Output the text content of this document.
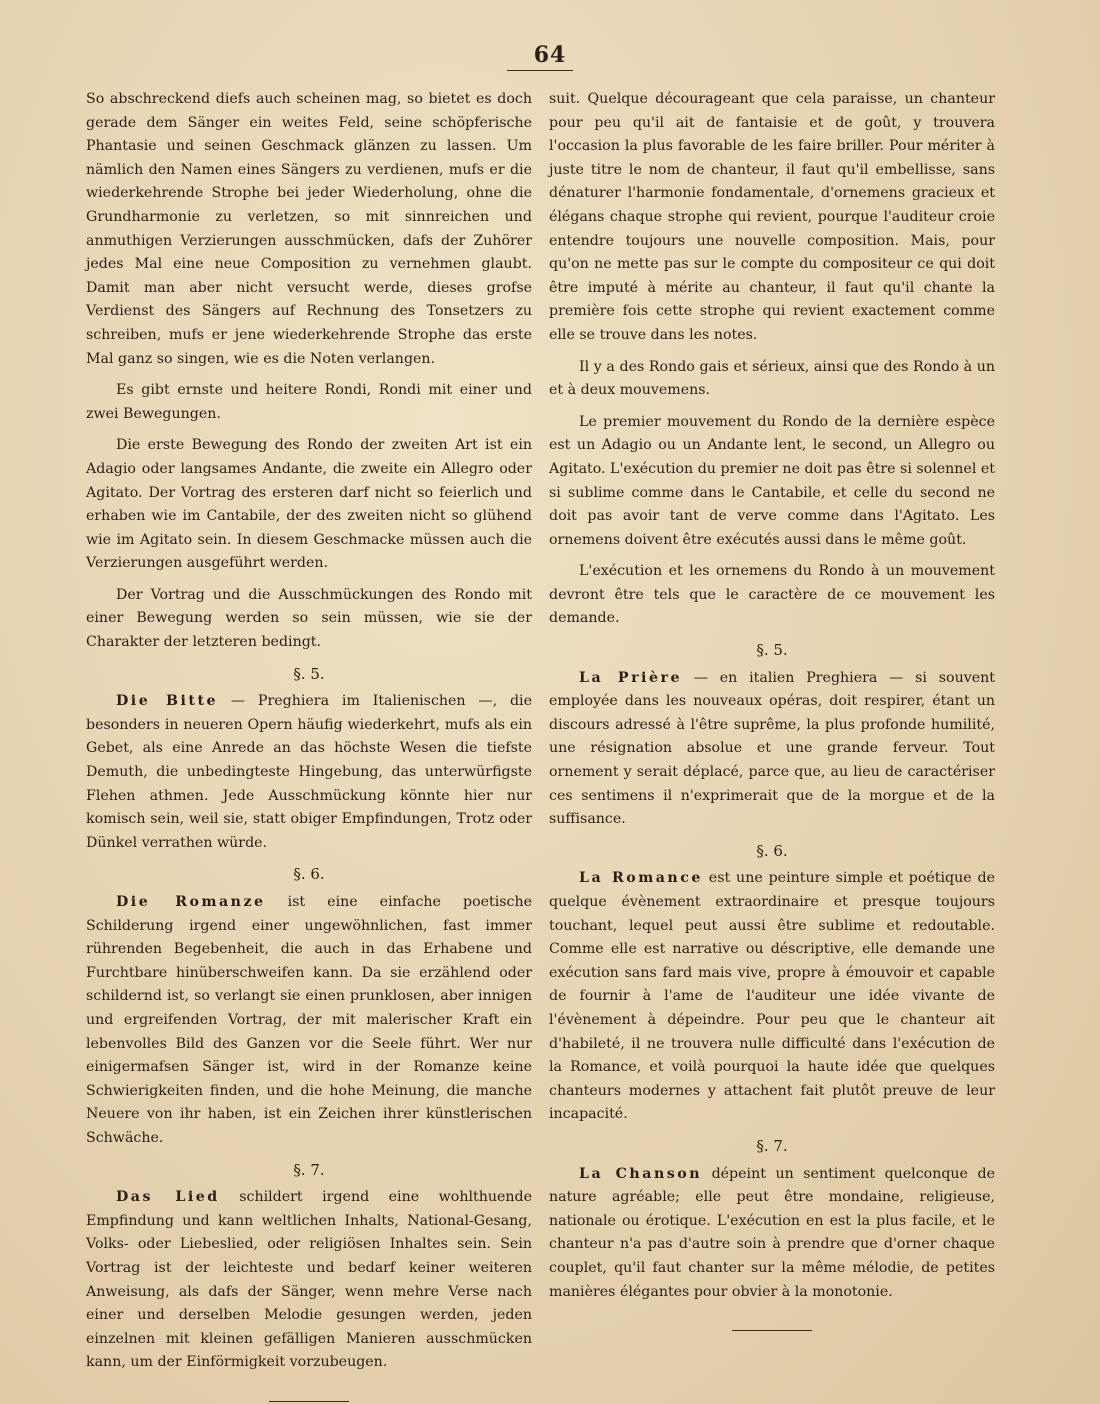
64

So abschreckend diefs auch scheinen mag, so bietet es doch gerade dem Sänger ein weites Feld, seine schöpferische Phantasie und seinen Geschmack glänzen zu lassen. Um nämlich den Namen eines Sängers zu verdienen, mufs er die wiederkehrende Strophe bei jeder Wiederholung, ohne die Grundharmonie zu verletzen, so mit sinnreichen und anmuthigen Verzierungen ausschmücken, dafs der Zuhörer jedes Mal eine neue Composition zu vernehmen glaubt. Damit man aber nicht versucht werde, dieses grofse Verdienst des Sängers auf Rechnung des Tonsetzers zu schreiben, mufs er jene wiederkehrende Strophe das erste Mal ganz so singen, wie es die Noten verlangen.

Es gibt ernste und heitere Rondi, Rondi mit einer und zwei Bewegungen.

Die erste Bewegung des Rondo der zweiten Art ist ein Adagio oder langsames Andante, die zweite ein Allegro oder Agitato. Der Vortrag des ersteren darf nicht so feierlich und erhaben wie im Cantabile, der des zweiten nicht so glühend wie im Agitato sein. In diesem Geschmacke müssen auch die Verzierungen ausgeführt werden.

Der Vortrag und die Ausschmückungen des Rondo mit einer Bewegung werden so sein müssen, wie sie der Charakter der letzteren bedingt.

§. 5.

Die Bitte — Preghiera im Italienischen —, die besonders in neueren Opern häufig wiederkehrt, mufs als ein Gebet, als eine Anrede an das höchste Wesen die tiefste Demuth, die unbedingteste Hingebung, das unterwürfigste Flehen athmen. Jede Ausschmückung könnte hier nur komisch sein, weil sie, statt obiger Empfindungen, Trotz oder Dünkel verrathen würde.

§. 6.

Die Romanze ist eine einfache poetische Schilderung irgend einer ungewöhnlichen, fast immer rührenden Begebenheit, die auch in das Erhabene und Furchtbare hinüberschweifen kann. Da sie erzählend oder schildernd ist, so verlangt sie einen prunklosen, aber innigen und ergreifenden Vortrag, der mit malerischer Kraft ein lebenvolles Bild des Ganzen vor die Seele führt. Wer nur einigermafsen Sänger ist, wird in der Romanze keine Schwierigkeiten finden, und die hohe Meinung, die manche Neuere von ihr haben, ist ein Zeichen ihrer künstlerischen Schwäche.

§. 7.

Das Lied schildert irgend eine wohlthuende Empfindung und kann weltlichen Inhalts, National-Gesang, Volks- oder Liebeslied, oder religiösen Inhaltes sein. Sein Vortrag ist der leichteste und bedarf keiner weiteren Anweisung, als dafs der Sänger, wenn mehre Verse nach einer und derselben Melodie gesungen werden, jeden einzelnen mit kleinen gefälligen Manieren ausschmücken kann, um der Einförmigkeit vorzubeugen.

suit. Quelque décourageant que cela paraisse, un chanteur pour peu qu'il ait de fantaisie et de goût, y trouvera l'occasion la plus favorable de les faire briller. Pour mériter à juste titre le nom de chanteur, il faut qu'il embellisse, sans dénaturer l'harmonie fondamentale, d'ornemens gracieux et élégans chaque strophe qui revient, pourque l'auditeur croie entendre toujours une nouvelle composition. Mais, pour qu'on ne mette pas sur le compte du compositeur ce qui doit être imputé à mérite au chanteur, il faut qu'il chante la première fois cette strophe qui revient exactement comme elle se trouve dans les notes.

Il y a des Rondo gais et sérieux, ainsi que des Rondo à un et à deux mouvemens.

Le premier mouvement du Rondo de la dernière espèce est un Adagio ou un Andante lent, le second, un Allegro ou Agitato. L'exécution du premier ne doit pas être si solennel et si sublime comme dans le Cantabile, et celle du second ne doit pas avoir tant de verve comme dans l'Agitato. Les ornemens doivent être exécutés aussi dans le même goût.

L'exécution et les ornemens du Rondo à un mouvement devront être tels que le caractère de ce mouvement les demande.

§. 5.

La Prière — en italien Preghiera — si souvent employée dans les nouveaux opéras, doit respirer, étant un discours adressé à l'être suprême, la plus profonde humilité, une résignation absolue et une grande ferveur. Tout ornement y serait déplacé, parce que, au lieu de caractériser ces sentimens il n'exprimerait que de la morgue et de la suffisance.

§. 6.

La Romance est une peinture simple et poétique de quelque évènement extraordinaire et presque toujours touchant, lequel peut aussi être sublime et redoutable. Comme elle est narrative ou déscriptive, elle demande une exécution sans fard mais vive, propre à émouvoir et capable de fournir à l'ame de l'auditeur une idée vivante de l'évènement à dépeindre. Pour peu que le chanteur ait d'habileté, il ne trouvera nulle difficulté dans l'exécution de la Romance, et voilà pourquoi la haute idée que quelques chanteurs modernes y attachent fait plutôt preuve de leur incapacité.

§. 7.

La Chanson dépeint un sentiment quelconque de nature agréable; elle peut être mondaine, religieuse, nationale ou érotique. L'exécution en est la plus facile, et le chanteur n'a pas d'autre soin à prendre que d'orner chaque couplet, qu'il faut chanter sur la même mélodie, de petites manières élégantes pour obvier à la monotonie.
